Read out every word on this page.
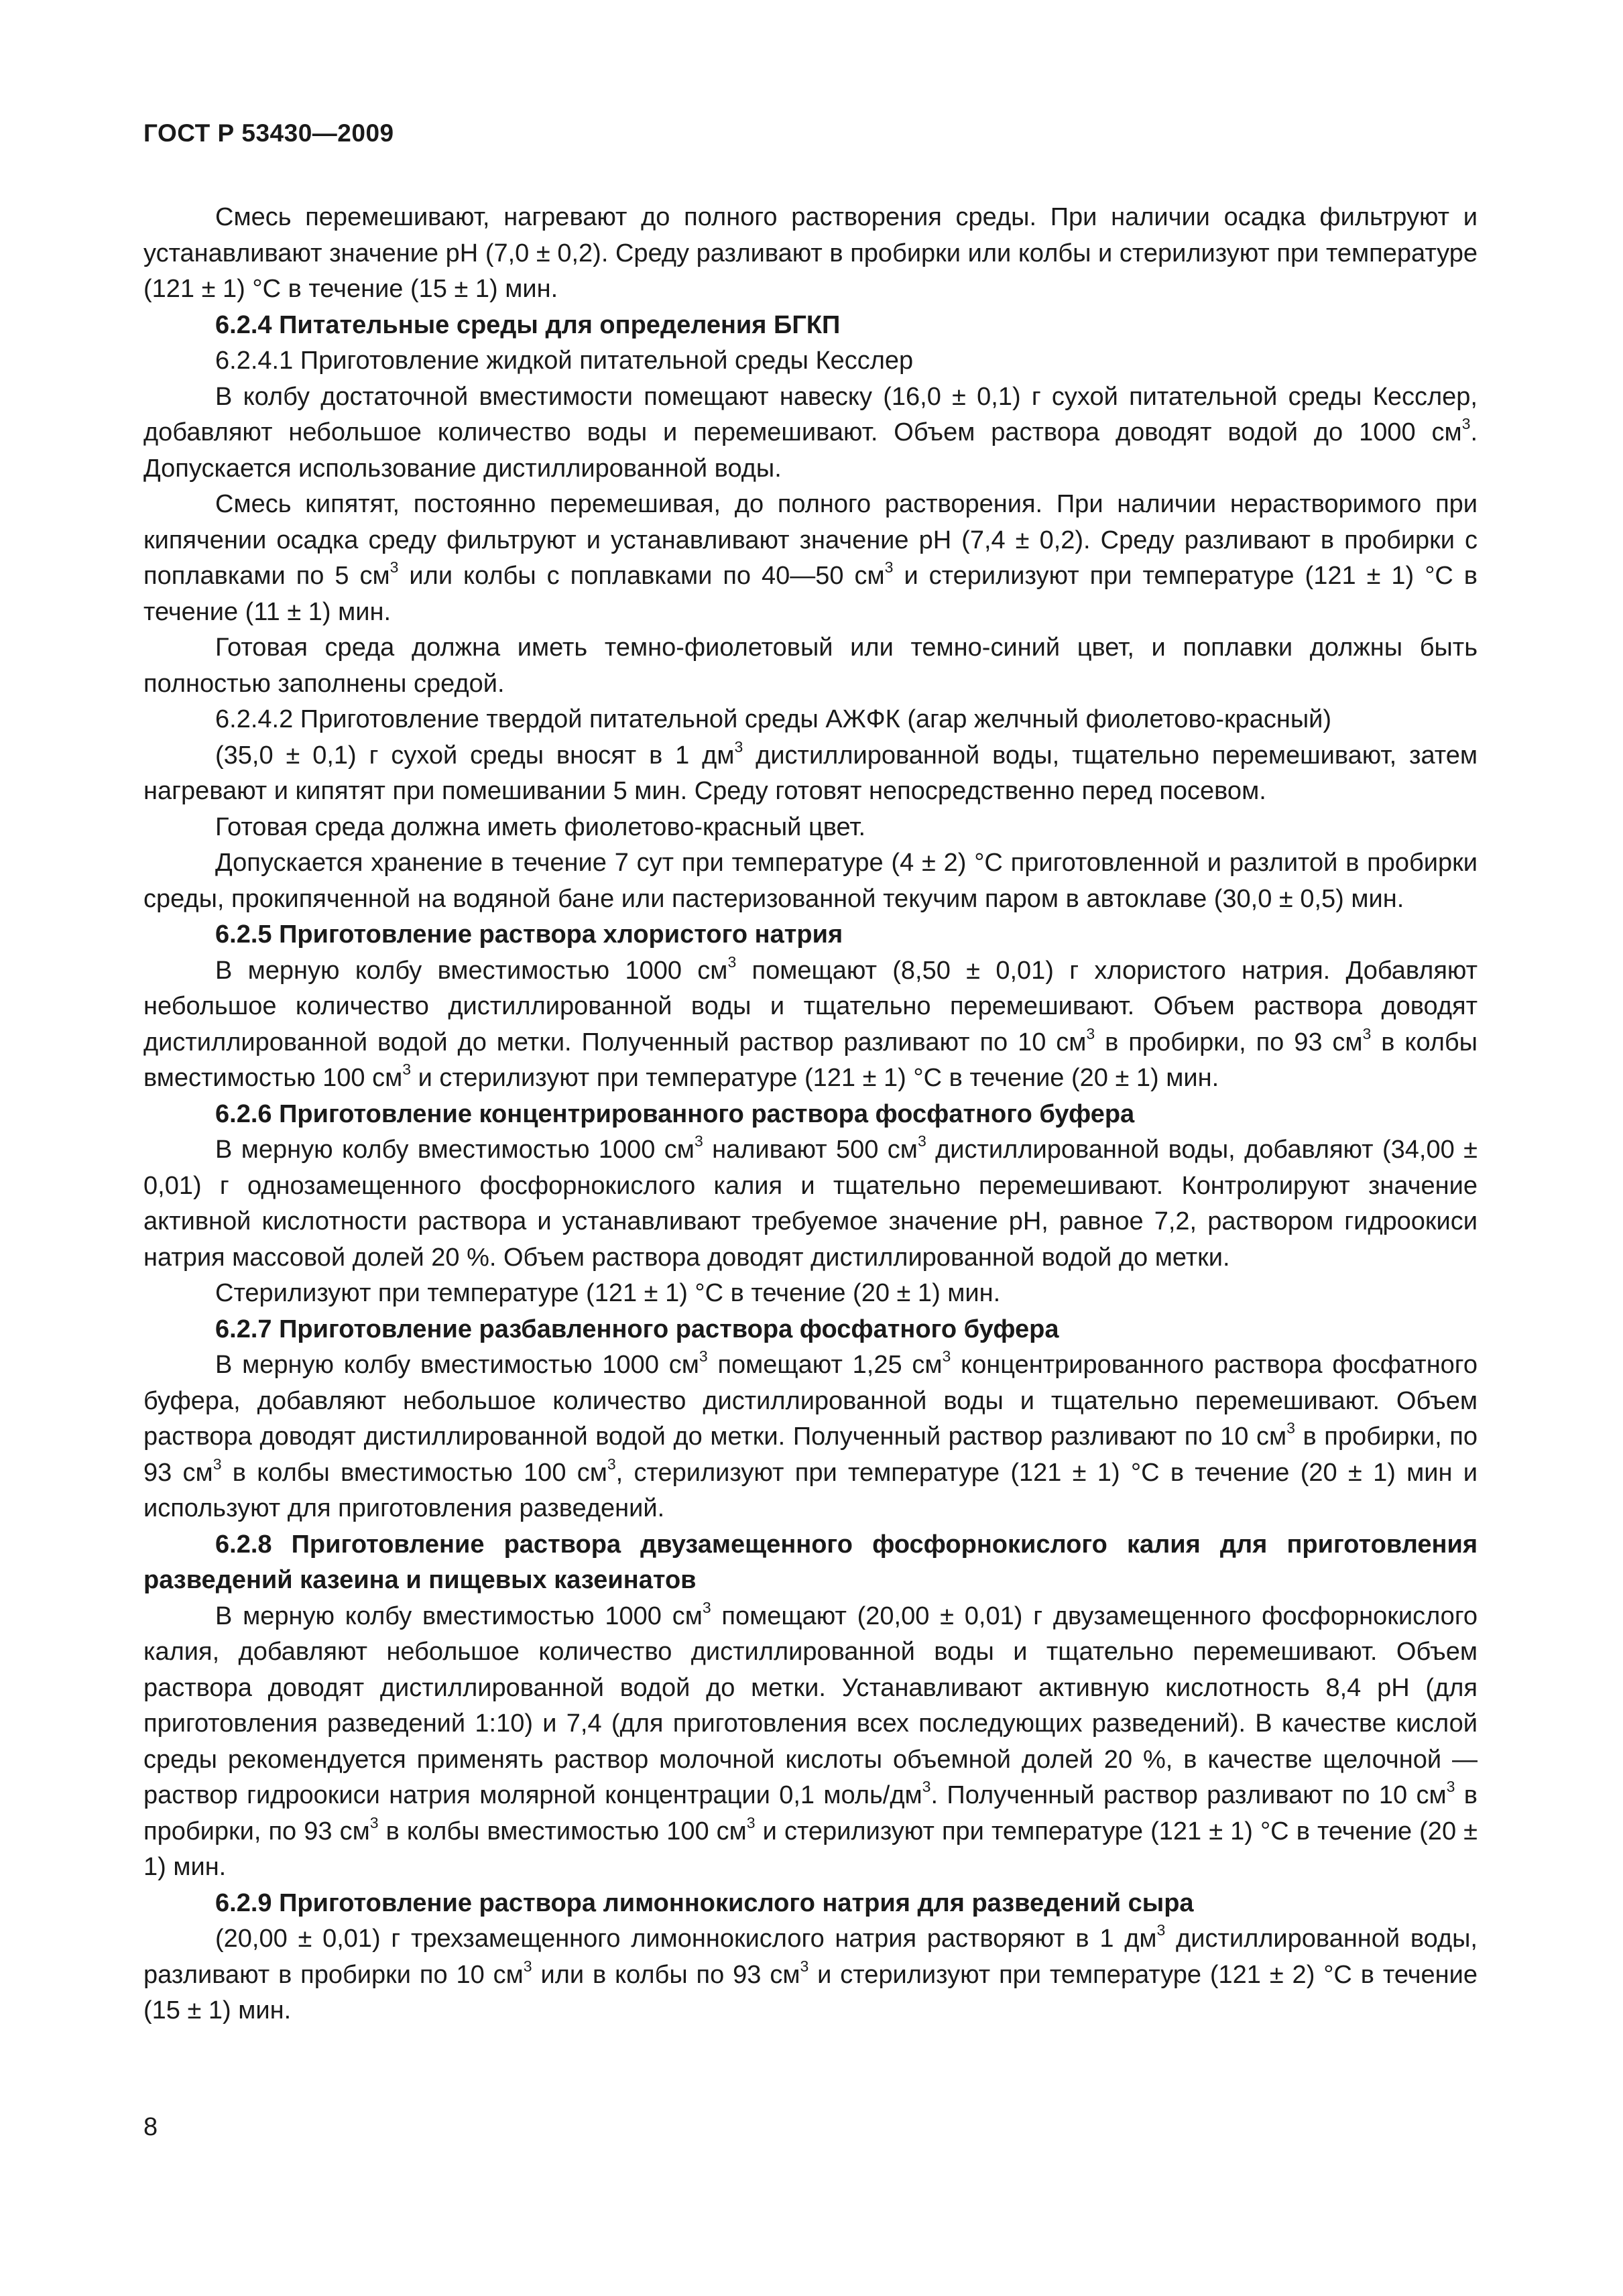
ГОСТ Р 53430—2009
Смесь перемешивают, нагревают до полного растворения среды. При наличии осадка фильтруют и устанавливают значение рН (7,0 ± 0,2). Среду разливают в пробирки или колбы и стерилизуют при температуре (121 ± 1) °С в течение (15 ± 1) мин.
6.2.4 Питательные среды для определения БГКП
6.2.4.1 Приготовление жидкой питательной среды Кесслер
В колбу достаточной вместимости помещают навеску (16,0 ± 0,1) г сухой питательной среды Кесслер, добавляют небольшое количество воды и перемешивают. Объем раствора доводят водой до 1000 $см^3$. Допускается использование дистиллированной воды.
Смесь кипятят, постоянно перемешивая, до полного растворения. При наличии нерастворимого при кипячении осадка среду фильтруют и устанавливают значение рН (7,4 ± 0,2). Среду разливают в пробирки с поплавками по 5 $см^3$ или колбы с поплавками по 40—50 $см^3$ и стерилизуют при температуре (121 ± 1) °С в течение (11 ± 1) мин.
Готовая среда должна иметь темно-фиолетовый или темно-синий цвет, и поплавки должны быть полностью заполнены средой.
6.2.4.2 Приготовление твердой питательной среды АЖФК (агар желчный фиолетово-красный)
(35,0 ± 0,1) г сухой среды вносят в 1 $дм^3$ дистиллированной воды, тщательно перемешивают, затем нагревают и кипятят при помешивании 5 мин. Среду готовят непосредственно перед посевом.
Готовая среда должна иметь фиолетово-красный цвет.
Допускается хранение в течение 7 сут при температуре (4 ± 2) °С приготовленной и разлитой в пробирки среды, прокипяченной на водяной бане или пастеризованной текучим паром в автоклаве (30,0 ± 0,5) мин.
6.2.5 Приготовление раствора хлористого натрия
В мерную колбу вместимостью 1000 $см^3$ помещают (8,50 ± 0,01) г хлористого натрия. Добавляют небольшое количество дистиллированной воды и тщательно перемешивают. Объем раствора доводят дистиллированной водой до метки. Полученный раствор разливают по 10 $см^3$ в пробирки, по 93 $см^3$ в колбы вместимостью 100 $см^3$ и стерилизуют при температуре (121 ± 1) °С в течение (20 ± 1) мин.
6.2.6 Приготовление концентрированного раствора фосфатного буфера
В мерную колбу вместимостью 1000 $см^3$ наливают 500 $см^3$ дистиллированной воды, добавляют (34,00 ± 0,01) г однозамещенного фосфорнокислого калия и тщательно перемешивают. Контролируют значение активной кислотности раствора и устанавливают требуемое значение рН, равное 7,2, раствором гидроокиси натрия массовой долей 20 %. Объем раствора доводят дистиллированной водой до метки.
Стерилизуют при температуре (121 ± 1) °С в течение (20 ± 1) мин.
6.2.7 Приготовление разбавленного раствора фосфатного буфера
В мерную колбу вместимостью 1000 $см^3$ помещают 1,25 $см^3$ концентрированного раствора фосфатного буфера, добавляют небольшое количество дистиллированной воды и тщательно перемешивают. Объем раствора доводят дистиллированной водой до метки. Полученный раствор разливают по 10 $см^3$ в пробирки, по 93 $см^3$ в колбы вместимостью 100 $см^3$, стерилизуют при температуре (121 ± 1) °С в течение (20 ± 1) мин и используют для приготовления разведений.
6.2.8 Приготовление раствора двузамещенного фосфорнокислого калия для приготовления разведений казеина и пищевых казеинатов
В мерную колбу вместимостью 1000 $см^3$ помещают (20,00 ± 0,01) г двузамещенного фосфорнокислого калия, добавляют небольшое количество дистиллированной воды и тщательно перемешивают. Объем раствора доводят дистиллированной водой до метки. Устанавливают активную кислотность 8,4 рН (для приготовления разведений 1:10) и 7,4 (для приготовления всех последующих разведений). В качестве кислой среды рекомендуется применять раствор молочной кислоты объемной долей 20 %, в качестве щелочной — раствор гидроокиси натрия молярной концентрации 0,1 моль/$дм^3$. Полученный раствор разливают по 10 $см^3$ в пробирки, по 93 $см^3$ в колбы вместимостью 100 $см^3$ и стерилизуют при температуре (121 ± 1) °С в течение (20 ± 1) мин.
6.2.9 Приготовление раствора лимоннокислого натрия для разведений сыра
(20,00 ± 0,01) г трехзамещенного лимоннокислого натрия растворяют в 1 $дм^3$ дистиллированной воды, разливают в пробирки по 10 $см^3$ или в колбы по 93 $см^3$ и стерилизуют при температуре (121 ± 2) °С в течение (15 ± 1) мин.
8
